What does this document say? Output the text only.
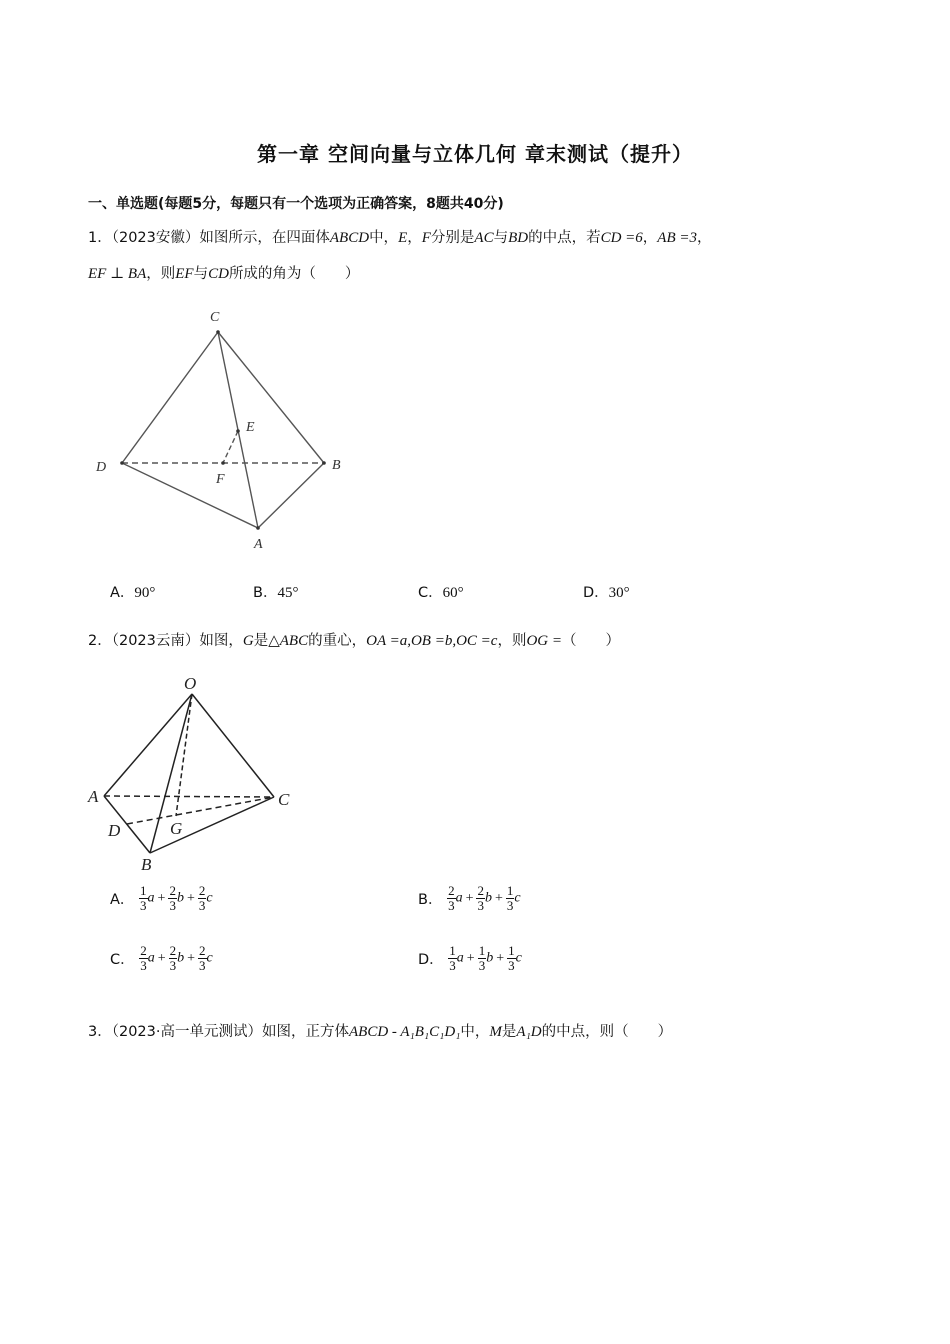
第一章 空间向量与立体几何 章末测试（提升）
一、单选题(每题5分，每题只有一个选项为正确答案，8题共40分)
1．（2023安徽）如图所示，在四面体ABCD中，E，F分别是AC与BD的中点，若CD =6，AB =3，
EF ⊥ BA，则EF与CD所成的角为（　　）
C
D	B
A
E
F
A．90°	B．45°	C．60°	D．30°
2．（2023云南）如图，G是△ABC的重心，OA =a,OB =b,OC =c，则OG =（　　）
O
A	C
D	G
B
A． $\frac{1}{3}$ $a + \frac{2}{3}$ $b + \frac{2}{3}$ c	B． $\frac{2}{3}$ $a + \frac{2}{3}$ $b + \frac{1}{3}$ c
C． $\frac{2}{3}$ $a + \frac{2}{3}$ $b + \frac{2}{3}$ c	D． $\frac{1}{3}$ $a + \frac{1}{3}$ $b + \frac{1}{3}$ c
3．（2023·高一单元测试）如图，正方体ABCD - A₁B₁C₁D₁中，M是A₁D的中点，则（　　）
